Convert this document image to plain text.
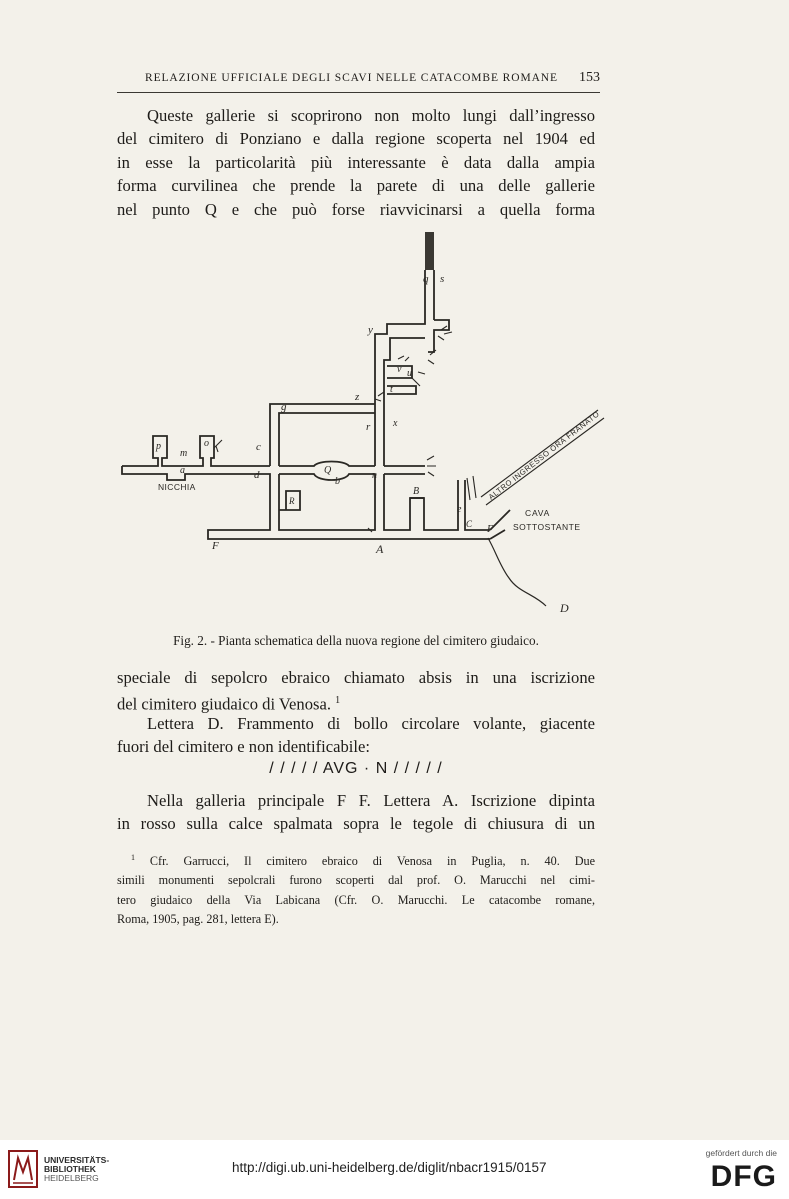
RELAZIONE UFFICIALE DEGLI SCAVI NELLE CATACOMBE ROMANE 153
Queste gallerie si scoprirono non molto lungi dall’ingresso
del cimitero di Ponziano e dalla regione scoperta nel 1904 ed
in esse la particolarità più interessante è data dalla ampia
forma curvilinea che prende la parete di una delle gallerie
nel punto Q e che può forse riavvicinarsi a quella forma
q s
y
v u
t
z
g
r x
p	o
m
a
c
d	Q
b
n
R
B
C
e
F
F
A
D
NICCHIA
CAVA
SOTTOSTANTE
ALTRO INGRESSO ORA FRANATO
Fig. 2. - Pianta schematica della nuova regione del cimitero giudaico.
speciale di sepolcro ebraico chiamato absis in una iscrizione
del cimitero giudaico di Venosa. $^1$
Lettera D. Frammento di bollo circolare volante, giacente
fuori del cimitero e non identificabile:
/ / / / / AVG · N / / / / /
Nella galleria principale F F. Lettera A. Iscrizione dipinta
in rosso sulla calce spalmata sopra le tegole di chiusura di un
$^1$ Cfr. Garrucci, Il cimitero ebraico di Venosa in Puglia, n. 40. Due
simili monumenti sepolcrali furono scoperti dal prof. O. Marucchi nel cimi-
tero giudaico della Via Labicana (Cfr. O. Marucchi. Le catacombe romane,
Roma, 1905, pag. 281, lettera E).
UNIVERSITÄTS-
BIBLIOTHEK
HEIDELBERG
http://digi.ub.uni-heidelberg.de/diglit/nbacr1915/0157
gefördert durch die
DFG
